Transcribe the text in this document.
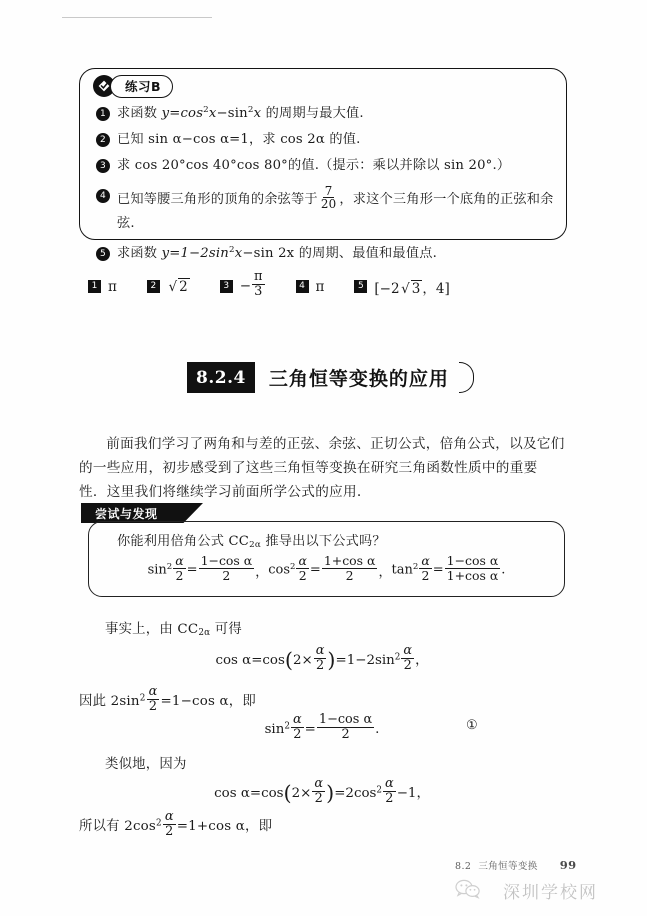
练习B
1 求函数 $y=\cos^2x-\sin^2x$ 的周期与最大值.
2 已知 sin α−cos α=1，求 cos 2α 的值.
3 求 cos 20°cos 40°cos 80°的值.（提示：乘以并除以 sin 20°.）
4 已知等腰三角形的顶角的余弦等于 $\frac{7}{20}$ ，求这个三角形一个底角的正弦和余弦.
5 求函数 $y=1-2\sin^2x-\sin$ 2x 的周期、最值和最值点.
1 π	2 √ 2	$3 - \frac{\pi}{3}$	4 π	5 [−2 √ 3 ，4]
8.2.4	三角恒等变换的应用
前面我们学习了两角和与差的正弦、余弦、正切公式，倍角公式，以及它们的一些应用，初步感受到了这些三角恒等变换在研究三角函数性质中的重要性．这里我们将继续学习前面所学公式的应用.
尝试与发现
你能利用倍角公式 $CC_{2\alpha}$ 推导出以下公式吗？
$\sin^2 \frac{\alpha}{2} = \frac{\text{1−cos α}}{2}$ ， $\cos^2 \frac{\alpha}{2} = \frac{\text{1+cos α}}{2}$ ， $\tan^2 \frac{\alpha}{2} = \frac{\text{1−cos α}}{\text{1+cos α}}$ .
事实上，由 $CC_{2\alpha}$ 可得
$\cos \alpha=\cos(2\times \frac{\alpha}{2} )=1-2\sin^2 \frac{\alpha}{2}$ ，
因此 $2\sin^2 \frac{\alpha}{2} =1-\cos$ α，即
$\sin^2 \frac{\alpha}{2} = \frac{\text{1−cos α}}{2}$ .	①
类似地，因为
$\cos \alpha=\cos(2\times \frac{\alpha}{2} )=2\cos^2 \frac{\alpha}{2} -1$，
所以有 $2\cos^2 \frac{\alpha}{2} =1+\cos$ α，即
8.2 三角恒等变换 99
深圳学校网
